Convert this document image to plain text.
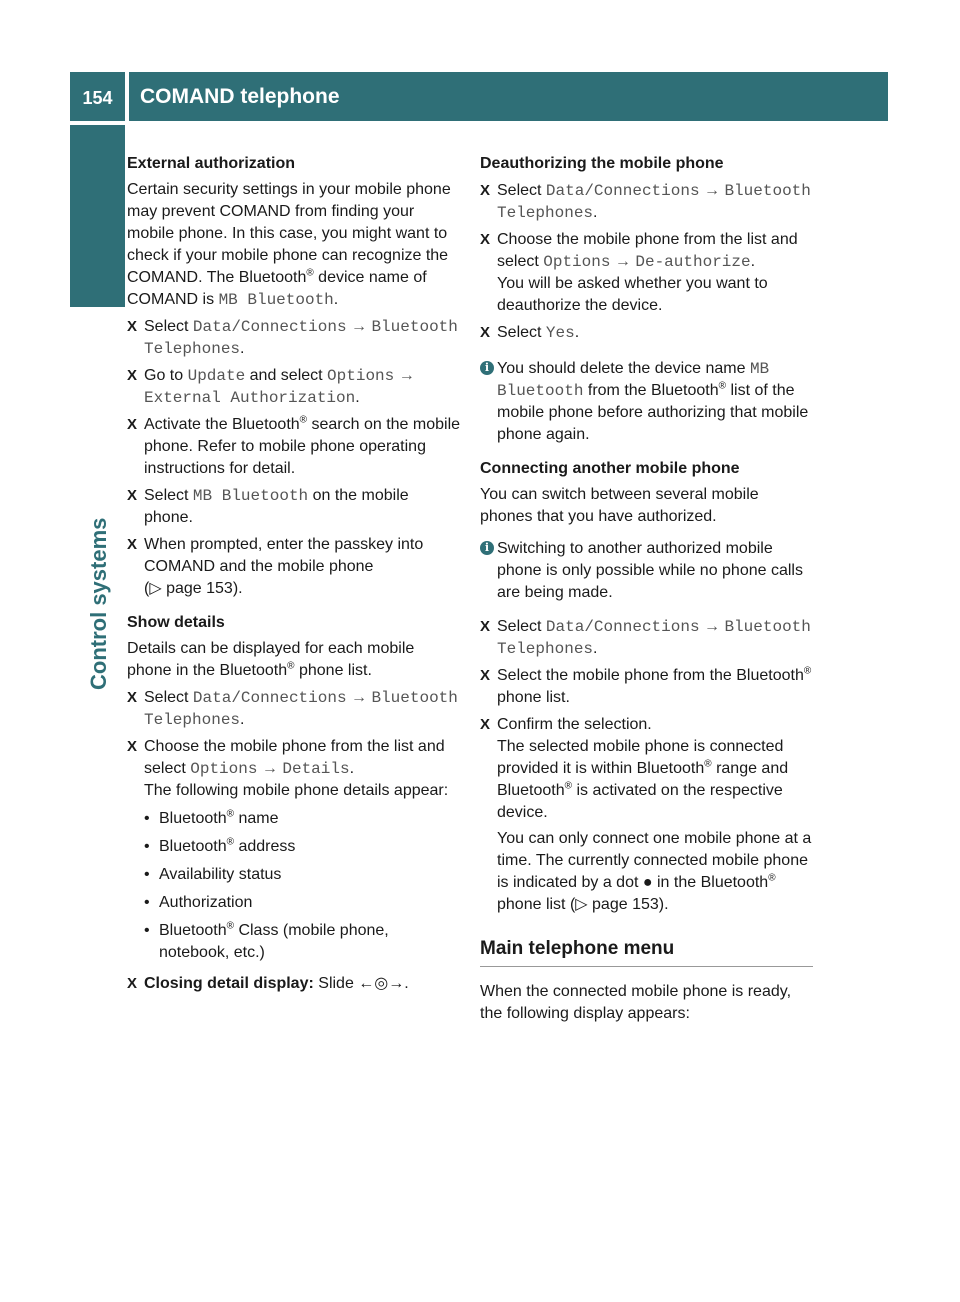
154	COMAND telephone
Control systems

External authorization

Certain security settings in your mobile phone may prevent COMAND from finding your mobile phone. In this case, you might want to check if your mobile phone can recognize the COMAND. The Bluetooth® device name of COMAND is MB Bluetooth.

X Select Data/Connections → Bluetooth Telephones.
X Go to Update and select Options → External Authorization.
X Activate the Bluetooth® search on the mobile phone. Refer to mobile phone operating instructions for detail.
X Select MB Bluetooth on the mobile phone.
X When prompted, enter the passkey into COMAND and the mobile phone
(▷ page 153).

Show details

Details can be displayed for each mobile phone in the Bluetooth® phone list.

X Select Data/Connections → Bluetooth Telephones.
X Choose the mobile phone from the list and select Options → Details.
The following mobile phone details appear:
• Bluetooth® name
• Bluetooth® address
• Availability status
• Authorization
• Bluetooth® Class (mobile phone, notebook, etc.)
X Closing detail display: Slide ←◎→.

Deauthorizing the mobile phone

X Select Data/Connections → Bluetooth Telephones.
X Choose the mobile phone from the list and select Options → De-authorize.
You will be asked whether you want to deauthorize the device.
X Select Yes.
i You should delete the device name MB Bluetooth from the Bluetooth® list of the mobile phone before authorizing that mobile phone again.

Connecting another mobile phone

You can switch between several mobile phones that you have authorized.

i Switching to another authorized mobile phone is only possible while no phone calls are being made.
X Select Data/Connections → Bluetooth Telephones.
X Select the mobile phone from the Bluetooth® phone list.
X Confirm the selection.
The selected mobile phone is connected provided it is within Bluetooth® range and Bluetooth® is activated on the respective device.
You can only connect one mobile phone at a time. The currently connected mobile phone is indicated by a dot ● in the Bluetooth® phone list (▷ page 153).
Main telephone menu

When the connected mobile phone is ready, the following display appears:
